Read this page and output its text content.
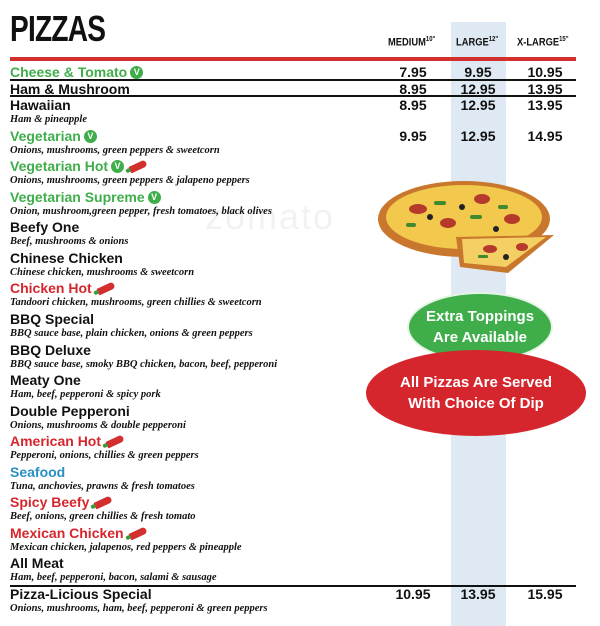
PIZZAS	$MEDIUM^{10"}$ $LARGE^{12"}$ $X-LARGE^{15"}$
zomato
Cheese & Tomato V	7.95	9.95	10.95
Ham & Mushroom	8.95	12.95	13.95
Hawaiian
Ham & pineapple
8.95	12.95	13.95
Vegetarian V
Onions, mushrooms, green peppers & sweetcorn
9.95	12.95	14.95
Vegetarian Hot V
Onions, mushrooms, green peppers & jalapeno peppers
Vegetarian Supreme V
Onion, mushroom,green pepper, fresh tomatoes, black olives
Beefy One
Beef, mushrooms & onions
Chinese Chicken
Chinese chicken, mushrooms & sweetcorn
Chicken Hot
Tandoori chicken, mushrooms, green chillies & sweetcorn
BBQ Special
BBQ sauce base, plain chicken, onions & green peppers
BBQ Deluxe
BBQ sauce base, smoky BBQ chicken, bacon, beef, pepperoni
Meaty One
Ham, beef, pepperoni & spicy pork
Double Pepperoni
Onions, mushrooms & double pepperoni
American Hot
Pepperoni, onions, chillies & green peppers
Seafood
Tuna, anchovies, prawns & fresh tomatoes
Spicy Beefy
Beef, onions, green chillies & fresh tomato
Mexican Chicken
Mexican chicken, jalapenos, red peppers & pineapple
All Meat
Ham, beef, pepperoni, bacon, salami & sausage
Pizza-Licious Special
Onions, mushrooms, ham, beef, pepperoni & green peppers
10.95	13.95	15.95
Extra Toppings
Are Available
All Pizzas Are Served
With Choice Of Dip
